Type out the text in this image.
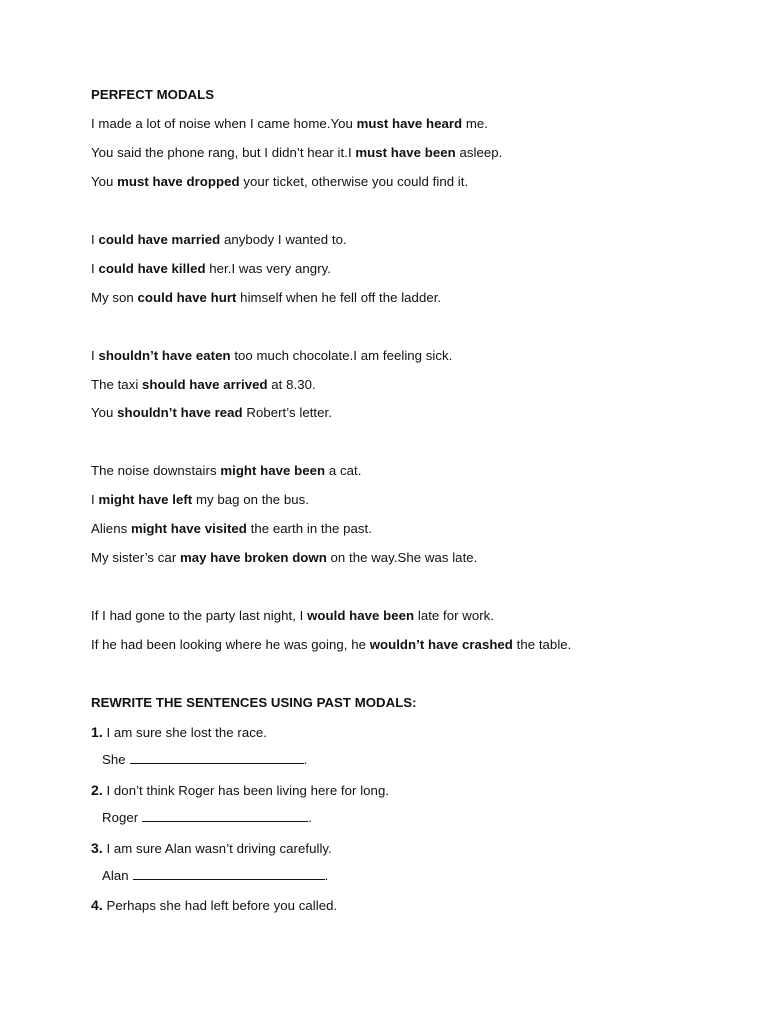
PERFECT MODALS
I made a lot of noise when I came home.You must have heard me.
You said the phone rang, but I didn’t hear it.I must have been asleep.
You must have dropped your ticket, otherwise you could find it.
I could have married anybody I wanted to.
I could have killed her.I was very angry.
My son could have hurt himself when he fell off the ladder.
I shouldn’t have eaten too much chocolate.I am feeling sick.
The taxi should have arrived at 8.30.
You shouldn’t have read Robert’s letter.
The noise downstairs might have been a cat.
I might have left my bag on the bus.
Aliens might have visited the earth in the past.
My sister’s car may have broken down on the way.She was late.
If I had gone to the party last night, I would have been late for work.
If he had been looking where he was going, he wouldn’t have crashed the table.
REWRITE THE SENTENCES USING PAST MODALS:
1. I am sure she lost the race.
She	.
2. I don’t think Roger has been living here for long.
Roger	.
3. I am sure Alan wasn’t driving carefully.
Alan	.
4. Perhaps she had left before you called.
